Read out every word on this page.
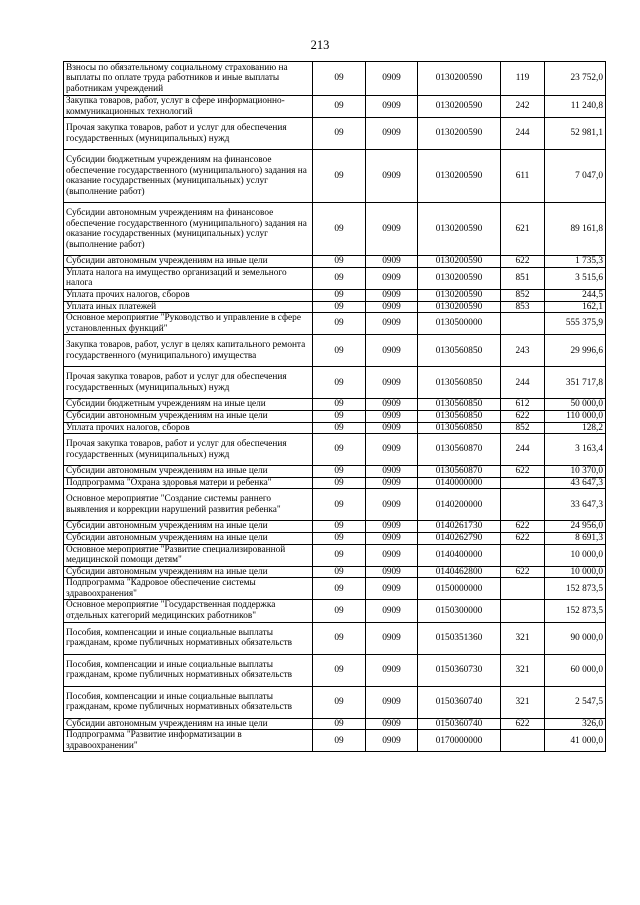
213
Взносы по обязательному социальному страхованию на выплаты по оплате труда работников и иные выплаты работникам учреждений	09	0909	0130200590	119	23 752,0
Закупка товаров, работ, услуг в сфере информационно-коммуникационных технологий	09	0909	0130200590	242	11 240,8
Прочая закупка товаров, работ и услуг для обеспечения государственных (муниципальных) нужд	09	0909	0130200590	244	52 981,1
Субсидии бюджетным учреждениям на финансовое обеспечение государственного (муниципального) задания на оказание государственных (муниципальных) услуг (выполнение работ)	09	0909	0130200590	611	7 047,0
Субсидии автономным учреждениям на финансовое обеспечение государственного (муниципального) задания на оказание государственных (муниципальных) услуг (выполнение работ)	09	0909	0130200590	621	89 161,8
Субсидии автономным учреждениям на иные цели	09	0909	0130200590	622	1 735,3
Уплата налога на имущество организаций и земельного налога	09	0909	0130200590	851	3 515,6
Уплата прочих налогов, сборов	09	0909	0130200590	852	244,5
Уплата иных платежей	09	0909	0130200590	853	162,1
Основное мероприятие "Руководство и управление в сфере установленных функций"	09	0909	0130500000		555 375,9
Закупка товаров, работ, услуг в целях капитального ремонта государственного (муниципального) имущества	09	0909	0130560850	243	29 996,6
Прочая закупка товаров, работ и услуг для обеспечения государственных (муниципальных) нужд	09	0909	0130560850	244	351 717,8
Субсидии бюджетным учреждениям на иные цели	09	0909	0130560850	612	50 000,0
Субсидии автономным учреждениям на иные цели	09	0909	0130560850	622	110 000,0
Уплата прочих налогов, сборов	09	0909	0130560850	852	128,2
Прочая закупка товаров, работ и услуг для обеспечения государственных (муниципальных) нужд	09	0909	0130560870	244	3 163,4
Субсидии автономным учреждениям на иные цели	09	0909	0130560870	622	10 370,0
Подпрограмма "Охрана здоровья матери и ребенка"	09	0909	0140000000		43 647,3
Основное мероприятие "Создание системы раннего выявления и коррекции нарушений развития ребенка"	09	0909	0140200000		33 647,3
Субсидии автономным учреждениям на иные цели	09	0909	0140261730	622	24 956,0
Субсидии автономным учреждениям на иные цели	09	0909	0140262790	622	8 691,3
Основное мероприятие "Развитие специализированной медицинской помощи детям"	09	0909	0140400000		10 000,0
Субсидии автономным учреждениям на иные цели	09	0909	0140462800	622	10 000,0
Подпрограмма "Кадровое обеспечение системы здравоохранения"	09	0909	0150000000		152 873,5
Основное мероприятие "Государственная поддержка отдельных категорий медицинских работников"	09	0909	0150300000		152 873,5
Пособия, компенсации и иные социальные выплаты гражданам, кроме публичных нормативных обязательств	09	0909	0150351360	321	90 000,0
Пособия, компенсации и иные социальные выплаты гражданам, кроме публичных нормативных обязательств	09	0909	0150360730	321	60 000,0
Пособия, компенсации и иные социальные выплаты гражданам, кроме публичных нормативных обязательств	09	0909	0150360740	321	2 547,5
Субсидии автономным учреждениям на иные цели	09	0909	0150360740	622	326,0
Подпрограмма "Развитие информатизации в здравоохранении"	09	0909	0170000000		41 000,0
